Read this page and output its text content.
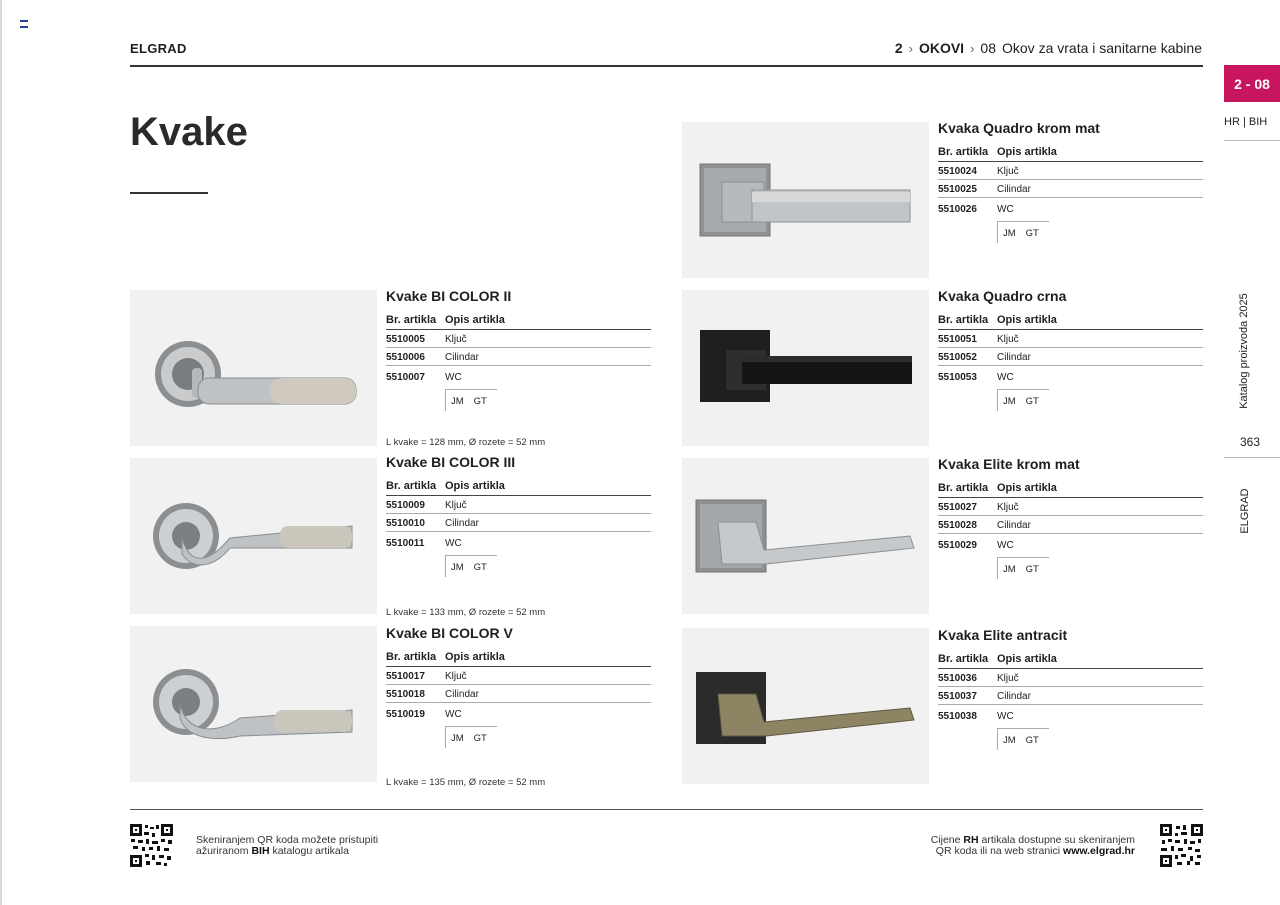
ELGRAD	2 › OKOVI › 08 Okov za vrata i sanitarne kabine
2 - 08
HR | BIH
Katalog proizvoda 2025
363
ELGRAD
Kvake	Kvaka Quadro krom mat
Br. artikla Opis artikla
5510024	Ključ
5510025	Cilindar
5510026	WC
JM GT
Kvake BI COLOR II
Br. artikla Opis artikla
5510005	Ključ
5510006	Cilindar
5510007	WC
JM GT
L kvake = 128 mm, Ø rozete = 52 mm
Kvaka Quadro crna
Br. artikla Opis artikla
5510051	Ključ
5510052	Cilindar
5510053	WC
JM GT
Kvake BI COLOR III
Br. artikla Opis artikla
5510009	Ključ
5510010	Cilindar
5510011	WC
JM GT
L kvake = 133 mm, Ø rozete = 52 mm
Kvaka Elite krom mat
Br. artikla Opis artikla
5510027	Ključ
5510028	Cilindar
5510029	WC
JM GT
Kvake BI COLOR V
Br. artikla Opis artikla
5510017	Ključ
5510018	Cilindar
5510019	WC
JM GT
L kvake = 135 mm, Ø rozete = 52 mm
Kvaka Elite antracit
Br. artikla Opis artikla
5510036	Ključ
5510037	Cilindar
5510038	WC
JM GT
Skeniranjem QR koda možete pristupiti
ažuriranom BIH katalogu artikala
Cijene RH artikala dostupne su skeniranjem
QR koda ili na web stranici www.elgrad.hr
